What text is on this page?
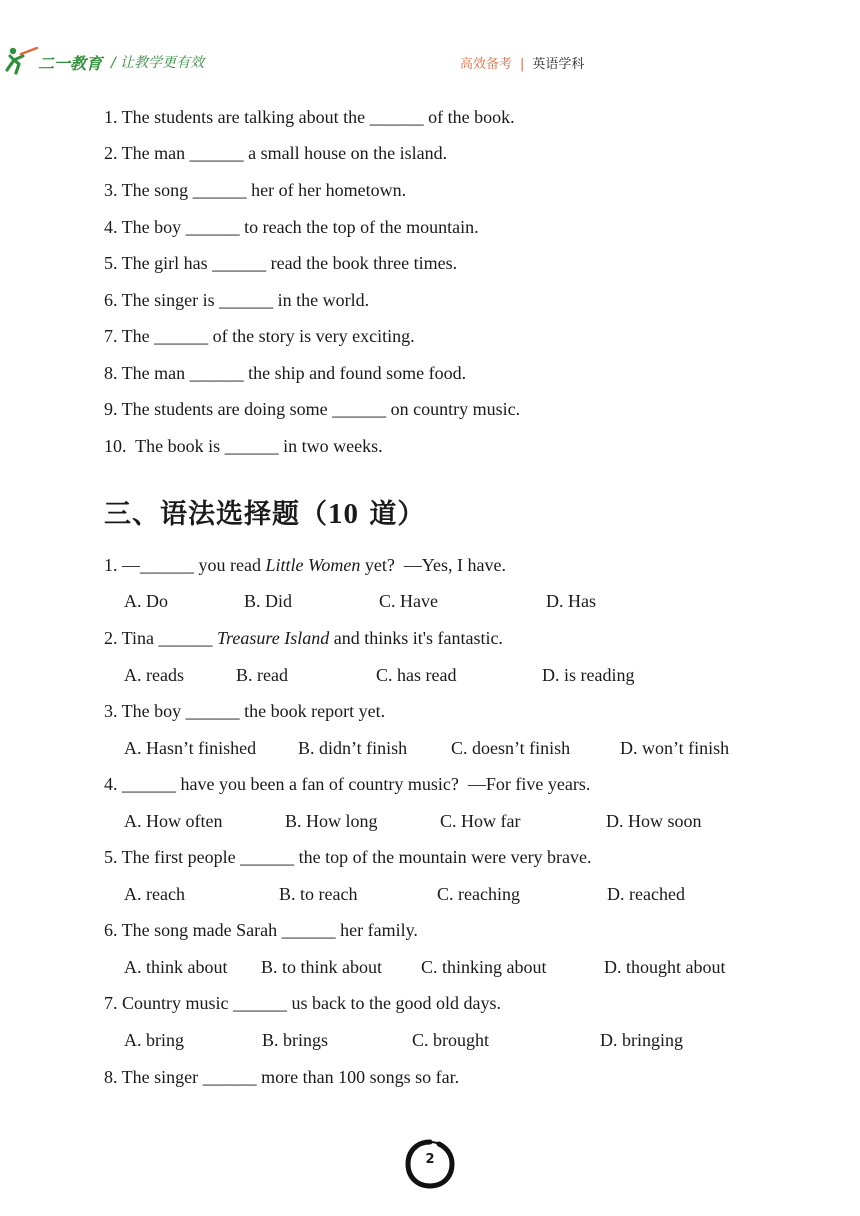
二一教育 / 让教学更有效	高效备考 | 英语学科
1. The students are talking about the ______ of the book.
2. The man ______ a small house on the island.
3. The song ______ her of her hometown.
4. The boy ______ to reach the top of the mountain.
5. The girl has ______ read the book three times.
6. The singer is ______ in the world.
7. The ______ of the story is very exciting.
8. The man ______ the ship and found some food.
9. The students are doing some ______ on country music.
10.  The book is ______ in two weeks.
三、语法选择题（10 道）
1. —______ you read Little Women yet?  —Yes, I have.
A. Do	B. Did	C. Have	D. Has
2. Tina ______ Treasure Island and thinks it's fantastic.
A. reads	B. read	C. has read	D. is reading
3. The boy ______ the book report yet.
A. Hasn’t finished B. didn’t finish C. doesn’t finish	D. won’t finish
4. ______ have you been a fan of country music?  —For five years.
A. How often	B. How long	C. How far	D. How soon
5. The first people ______ the top of the mountain were very brave.
A. reach	B. to reach	C. reaching	D. reached
6. The song made Sarah ______ her family.
A. think about B. to think about C. thinking about	D. thought about
7. Country music ______ us back to the good old days.
A. bring	B. brings	C. brought	D. bringing
8. The singer ______ more than 100 songs so far.
2
